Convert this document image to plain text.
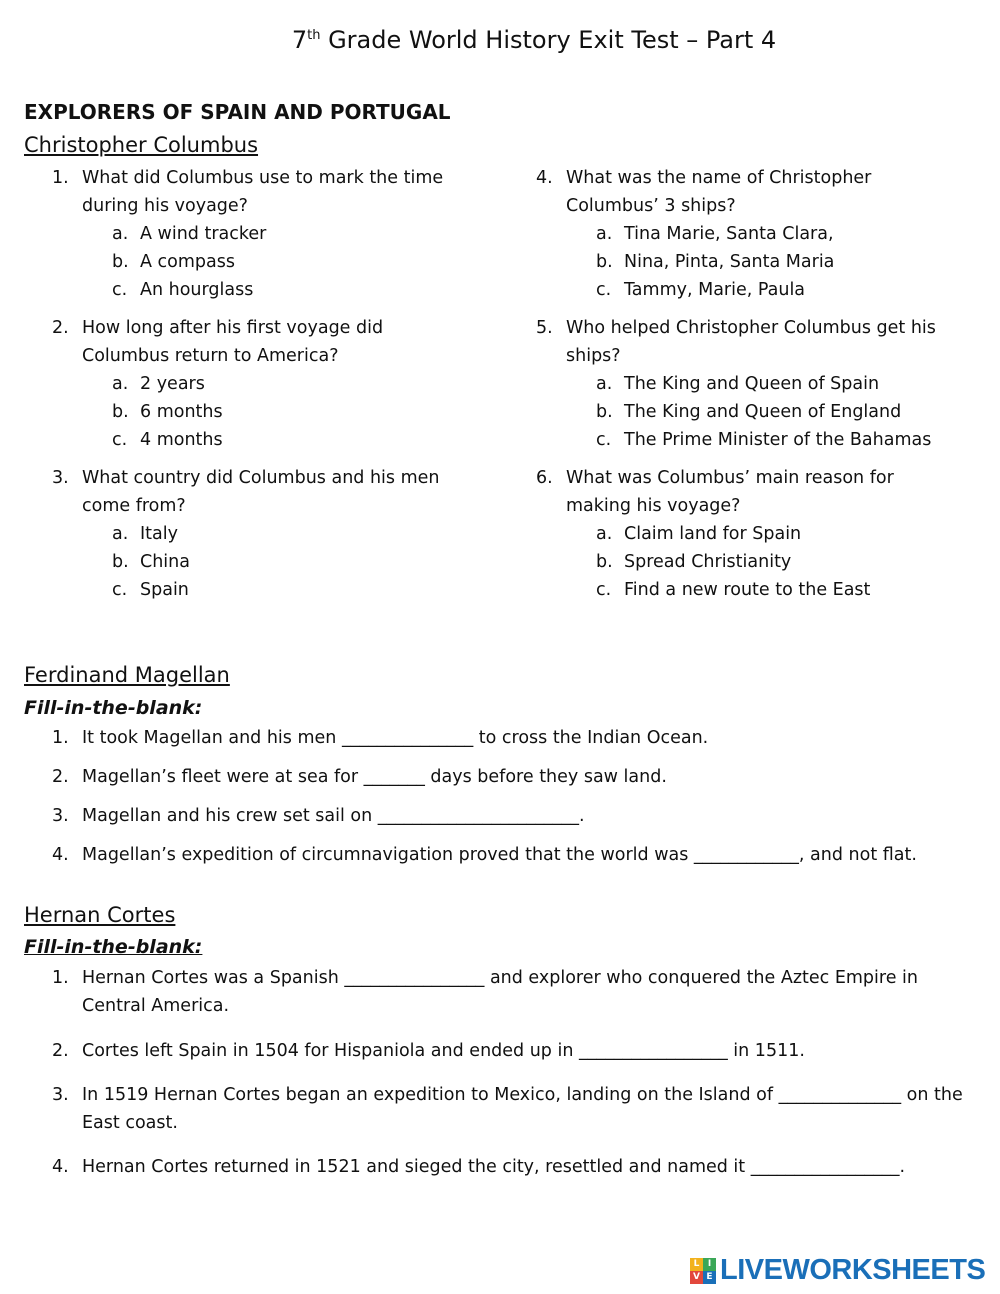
7th Grade World History Exit Test – Part 4
EXPLORERS OF SPAIN AND PORTUGAL
Christopher Columbus
1. What did Columbus use to mark the time during his voyage?
a. A wind tracker
b. A compass
c. An hourglass
2. How long after his first voyage did Columbus return to America?
a. 2 years
b. 6 months
c. 4 months
3. What country did Columbus and his men come from?
a. Italy
b. China
c. Spain
4. What was the name of Christopher Columbus’ 3 ships?
a. Tina Marie, Santa Clara,
b. Nina, Pinta, Santa Maria
c. Tammy, Marie, Paula
5. Who helped Christopher Columbus get his ships?
a. The King and Queen of Spain
b. The King and Queen of England
c. The Prime Minister of the Bahamas
6. What was Columbus’ main reason for making his voyage?
a. Claim land for Spain
b. Spread Christianity
c. Find a new route to the East
Ferdinand Magellan
Fill-in-the-blank:
1. It took Magellan and his men _______________ to cross the Indian Ocean.
2. Magellan’s fleet were at sea for _______ days before they saw land.
3. Magellan and his crew set sail on _______________________.
4. Magellan’s expedition of circumnavigation proved that the world was ____________, and not flat.
Hernan Cortes
Fill-in-the-blank:
1. Hernan Cortes was a Spanish ________________ and explorer who conquered the Aztec Empire in Central America.
2. Cortes left Spain in 1504 for Hispaniola and ended up in _________________ in 1511.
3. In 1519 Hernan Cortes began an expedition to Mexico, landing on the Island of ______________ on the East coast.
4. Hernan Cortes returned in 1521 and sieged the city, resettled and named it _________________.
L I
V E LIVEWORKSHEETS
